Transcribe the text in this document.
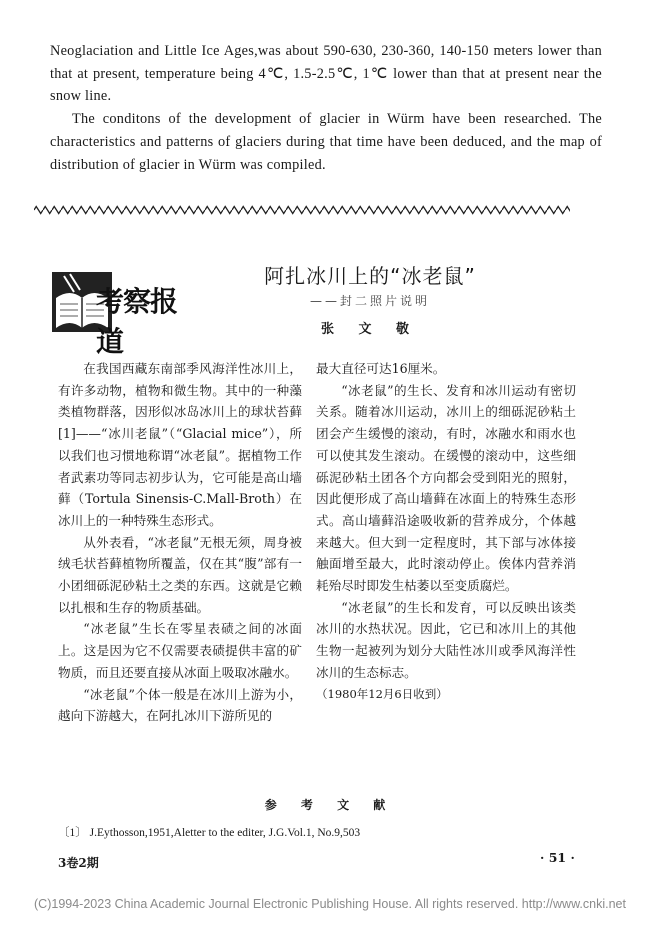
Neoglaciation and Little Ice Ages,was about 590-630, 230-360, 140-150 meters lower than that at present, temperature being 4℃, 1.5-2.5℃, 1℃ lower than that at present near the snow line.

The conditons of the development of glacier in Würm have been researched. The characteristics and patterns of glaciers during that time have been deduced, and the map of distribution of glacier in Würm was compiled.

考察报道
阿扎冰川上的“冰老鼠”
——封二照片说明
张 文 敬

在我国西藏东南部季风海洋性冰川上，有许多动物，植物和微生物。其中的一种藻类植物群落，因形似冰岛冰川上的球状苔藓[1]——“冰川老鼠”（“Glacial mice”），所以我们也习惯地称谓“冰老鼠”。据植物工作者武素功等同志初步认为，它可能是高山墙藓（Tortula Sinensis-C.Mall-Broth）在冰川上的一种特殊生态形式。

从外表看，“冰老鼠”无根无须，周身被绒毛状苔藓植物所覆盖，仅在其“腹”部有一小团细砾泥砂粘土之类的东西。这就是它赖以扎根和生存的物质基础。

“冰老鼠”生长在零星表碛之间的冰面上。这是因为它不仅需要表碛提供丰富的矿物质，而且还要直接从冰面上吸取冰融水。

“冰老鼠”个体一般是在冰川上游为小，越向下游越大，在阿扎冰川下游所见的

最大直径可达16厘米。

“冰老鼠”的生长、发育和冰川运动有密切关系。随着冰川运动，冰川上的细砾泥砂粘土团会产生缓慢的滚动，有时，冰融水和雨水也可以使其发生滚动。在缓慢的滚动中，这些细砾泥砂粘土团各个方向都会受到阳光的照射，因此便形成了高山墙藓在冰面上的特殊生态形式。高山墙藓沿途吸收新的营养成分，个体越来越大。但大到一定程度时，其下部与冰体接触面增至最大，此时滚动停止。俟体内营养消耗殆尽时即发生枯萎以至变质腐烂。

“冰老鼠”的生长和发育，可以反映出该类冰川的水热状况。因此，它已和冰川上的其他生物一起被列为划分大陆性冰川或季风海洋性冰川的生态标志。

（1980年12月6日收到）

参 考 文 献
〔1〕 J.Eythosson,1951,Aletter to the editer, J.G.Vol.1, No.9,503
3卷2期	· 51 ·
(C)1994-2023 China Academic Journal Electronic Publishing House. All rights reserved. http://www.cnki.net
